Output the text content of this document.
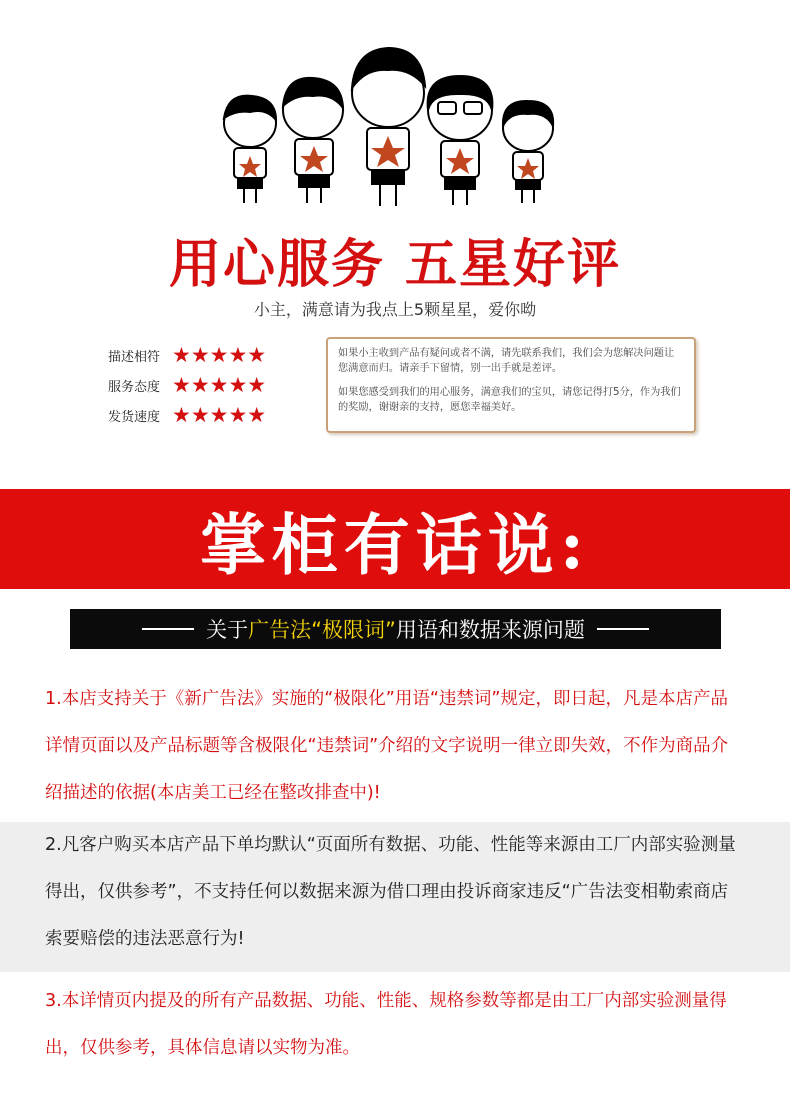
用心服务 五星好评
小主，满意请为我点上5颗星星，爱你呦
描述相符 ★★★★★
服务态度 ★★★★★
发货速度 ★★★★★

如果小主收到产品有疑问或者不满，请先联系我们，我们会为您解决问题让您满意而归。请亲手下留情，别一出手就是差评。

如果您感受到我们的用心服务，满意我们的宝贝，请您记得打5分，作为我们的奖励，谢谢亲的支持，愿您幸福美好。

掌柜有话说:
关于 广告法“极限词” 用语和数据来源问题

1.本店支持关于《新广告法》实施的“极限化”用语“违禁词”规定，即日起，凡是本店产品详情页面以及产品标题等含极限化“违禁词”介绍的文字说明一律立即失效，不作为商品介绍描述的依据(本店美工已经在整改排查中)!

2.凡客户购买本店产品下单均默认“页面所有数据、功能、性能等来源由工厂内部实验测量得出，仅供参考”，不支持任何以数据来源为借口理由投诉商家违反“广告法变相勒索商店索要赔偿的违法恶意行为!

3.本详情页内提及的所有产品数据、功能、性能、规格参数等都是由工厂内部实验测量得出，仅供参考，具体信息请以实物为准。
